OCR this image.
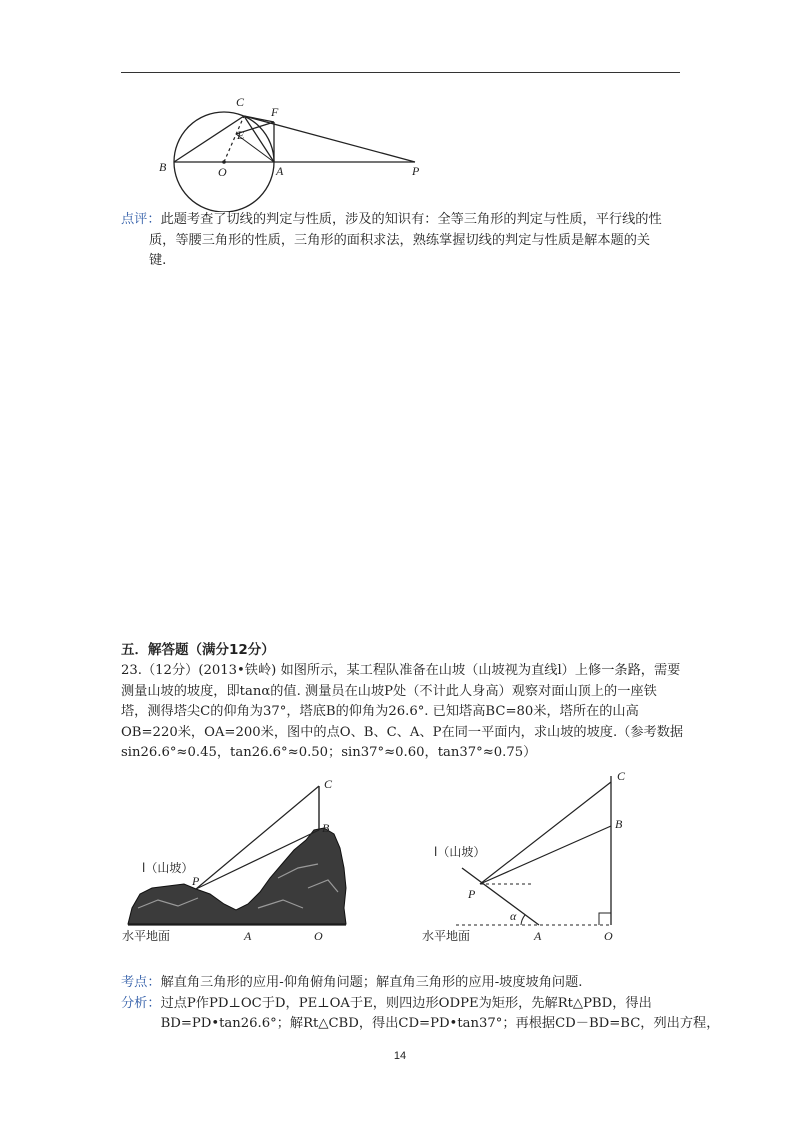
C
F
E
B	O	A	P
点评：此题考查了切线的判定与性质，涉及的知识有：全等三角形的判定与性质，平行线的性
质，等腰三角形的性质，三角形的面积求法，熟练掌握切线的判定与性质是解本题的关
键.
五．解答题（满分12分）
23.（12分）(2013•铁岭) 如图所示，某工程队准备在山坡（山坡视为直线l）上修一条路，需要
测量山坡的坡度，即tanα的值. 测量员在山坡P处（不计此人身高）观察对面山顶上的一座铁
塔，测得塔尖C的仰角为37°，塔底B的仰角为26.6°. 已知塔高BC=80米，塔所在的山高
OB=220米，OA=200米，图中的点O、B、C、A、P在同一平面内，求山坡的坡度.（参考数据
sin26.6°≈0.45，tan26.6°≈0.50；sin37°≈0.60，tan37°≈0.75）
C
B
P
l（山坡）
水平地面	A	O
C
B
P
α
l（山坡）
水平地面	A	O
考点： 解直角三角形的应用-仰角俯角问题；解直角三角形的应用-坡度坡角问题.
分析： 过点P作PD⊥OC于D，PE⊥OA于E，则四边形ODPE为矩形，先解Rt△PBD，得出
BD=PD•tan26.6°；解Rt△CBD，得出CD=PD•tan37°；再根据CD－BD=BC，列出方程，
14
